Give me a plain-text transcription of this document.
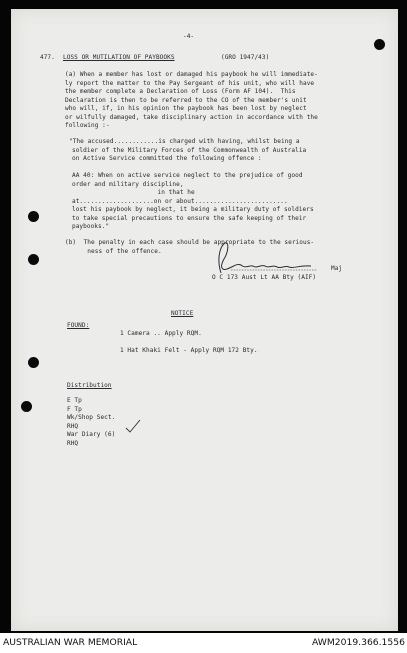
-4-
477. LOSS OR MUTILATION OF PAYBOOKS	(GRO 1947/43)
(a) When a member has lost or damaged his paybook he will immediate-
ly report the matter to the Pay Sergeant of his unit, who will have
the member complete a Declaration of Loss (Form AF 104).  This
Declaration is then to be referred to the CO of the member's unit
who will, if, in his opinion the paybook has been lost by neglect
or wilfully damaged, take disciplinary action in accordance with the
following :-
"The accused............is charged with having, whilst being a
soldier of the Military Forces of the Commonwealth of Australia
on Active Service committed the following offence :
AA 40: When on active service neglect to the prejudice of good
order and military discipline,
in that he
at....................on or about.........................
lost his paybook by neglect, it being a military duty of soldiers
to take special precautions to ensure the safe keeping of their
paybooks."
(b)  The penalty in each case should be appropriate to the serious-
ness of the offence.
Maj
O C 173 Aust Lt AA Bty (AIF)
NOTICE
FOUND:
1 Camera .. Apply RQM.
1 Hat Khaki Felt - Apply RQM 172 Bty.
Distribution
E Tp
F Tp
Wk/Shop Sect.
RHQ
War Diary (6)
RHQ
AUSTRALIAN WAR MEMORIAL	AWM2019.366.1556
